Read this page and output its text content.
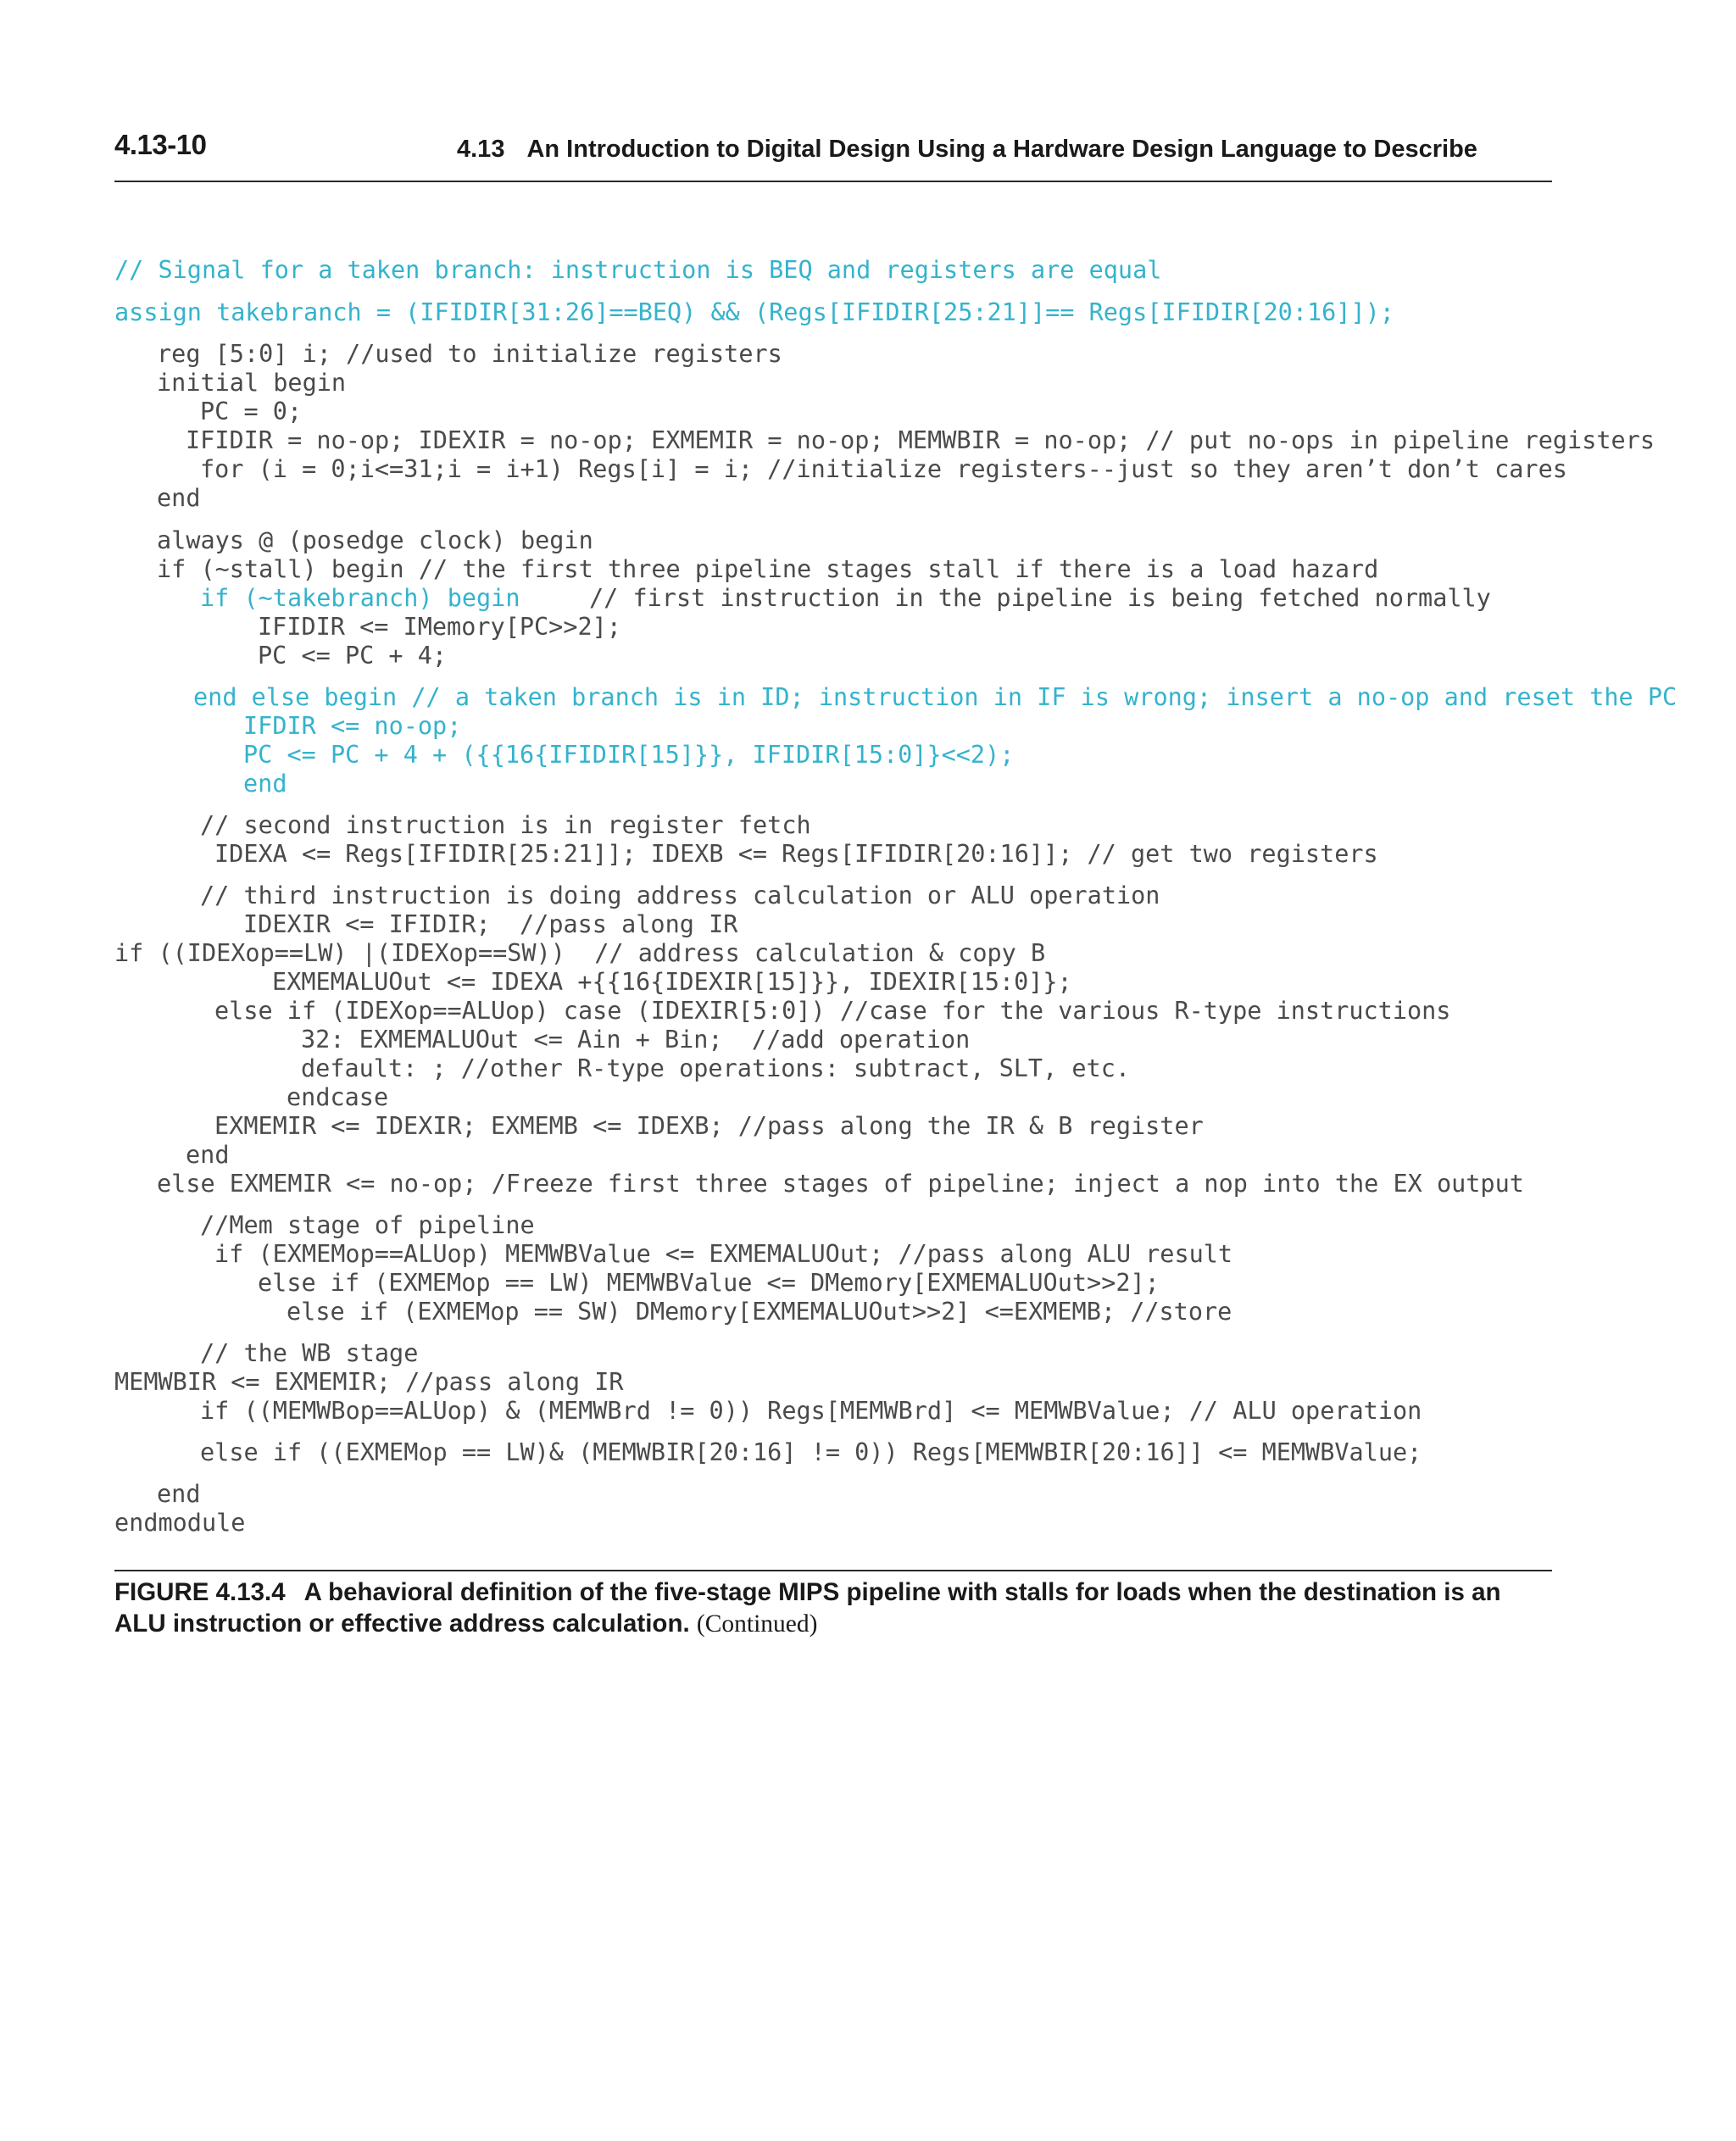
4.13-10	4.13 An Introduction to Digital Design Using a Hardware Design Language to Describe

// Signal for a taken branch: instruction is BEQ and registers are equal
assign takebranch = (IFIDIR[31:26]==BEQ) && (Regs[IFIDIR[25:21]]== Regs[IFIDIR[20:16]]);
reg [5:0] i; //used to initialize registers
initial begin
PC = 0;
IFIDIR = no-op; IDEXIR = no-op; EXMEMIR = no-op; MEMWBIR = no-op; // put no-ops in pipeline registers
for (i = 0;i<=31;i = i+1) Regs[i] = i; //initialize registers--just so they aren’t don’t cares
end
always @ (posedge clock) begin
if (~stall) begin // the first three pipeline stages stall if there is a load hazard
if (~takebranch) begin	// first instruction in the pipeline is being fetched normally
IFIDIR <= IMemory[PC>>2];
PC <= PC + 4;
end else begin // a taken branch is in ID; instruction in IF is wrong; insert a no-op and reset the PC
IFDIR <= no-op;
PC <= PC + 4 + ({{16{IFIDIR[15]}}, IFIDIR[15:0]}<<2);
end
// second instruction is in register fetch
IDEXA <= Regs[IFIDIR[25:21]]; IDEXB <= Regs[IFIDIR[20:16]]; // get two registers
// third instruction is doing address calculation or ALU operation
IDEXIR <= IFIDIR;  //pass along IR
if ((IDEXop==LW) |(IDEXop==SW))  // address calculation & copy B
EXMEMALUOut <= IDEXA +{{16{IDEXIR[15]}}, IDEXIR[15:0]};
else if (IDEXop==ALUop) case (IDEXIR[5:0]) //case for the various R-type instructions
32: EXMEMALUOut <= Ain + Bin;  //add operation
default: ; //other R-type operations: subtract, SLT, etc.
endcase
EXMEMIR <= IDEXIR; EXMEMB <= IDEXB; //pass along the IR & B register
end
else EXMEMIR <= no-op; /Freeze first three stages of pipeline; inject a nop into the EX output
//Mem stage of pipeline
if (EXMEMop==ALUop) MEMWBValue <= EXMEMALUOut; //pass along ALU result
else if (EXMEMop == LW) MEMWBValue <= DMemory[EXMEMALUOut>>2];
else if (EXMEMop == SW) DMemory[EXMEMALUOut>>2] <=EXMEMB; //store
// the WB stage
MEMWBIR <= EXMEMIR; //pass along IR
if ((MEMWBop==ALUop) & (MEMWBrd != 0)) Regs[MEMWBrd] <= MEMWBValue; // ALU operation
else if ((EXMEMop == LW)& (MEMWBIR[20:16] != 0)) Regs[MEMWBIR[20:16]] <= MEMWBValue;
end
endmodule

FIGURE 4.13.4 A behavioral definition of the five-stage MIPS pipeline with stalls for loads when the destination is an ALU instruction or effective address calculation. (Continued)
